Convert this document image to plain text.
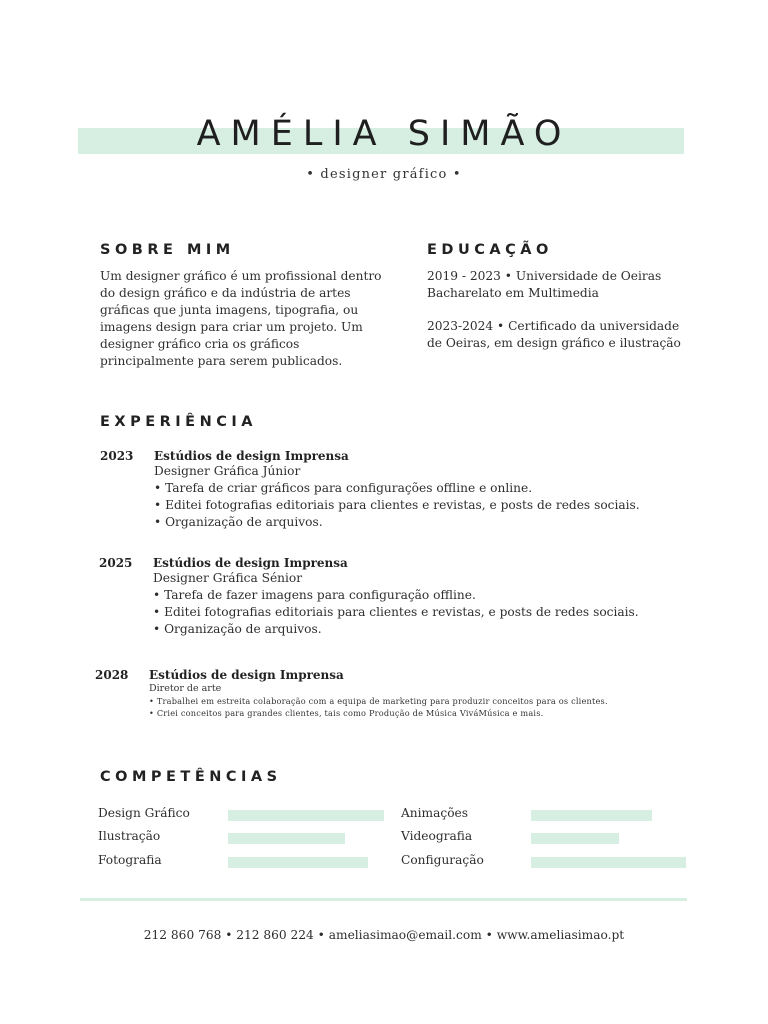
AMÉLIA SIMÃO
• designer gráfico •
SOBRE MIM
Um designer gráfico é um profissional dentro
do design gráfico e da indústria de artes
gráficas que junta imagens, tipografia, ou
imagens design para criar um projeto. Um
designer gráfico cria os gráficos
principalmente para serem publicados.
EDUCAÇÃO
2019 - 2023 • Universidade de Oeiras
Bacharelato em Multimedia
2023-2024 • Certificado da universidade
de Oeiras, em design gráfico e ilustração
EXPERIÊNCIA
2023 Estúdios de design Imprensa
Designer Gráfica Júnior
• Tarefa de criar gráficos para configurações offline e online.
• Editei fotografias editoriais para clientes e revistas, e posts de redes sociais.
• Organização de arquivos.
2025 Estúdios de design Imprensa
Designer Gráfica Sénior
• Tarefa de fazer imagens para configuração offline.
• Editei fotografias editoriais para clientes e revistas, e posts de redes sociais.
• Organização de arquivos.
2028 Estúdios de design Imprensa
Diretor de arte
• Trabalhei em estreita colaboração com a equipa de marketing para produzir conceitos para os clientes.
• Criei conceitos para grandes clientes, tais como Produção de Música ViváMúsica e mais.
COMPETÊNCIAS
Design Gráfico
Ilustração
Fotografia
Animações
Videografia
Configuração
212 860 768 • 212 860 224 • ameliasimao@email.com • www.ameliasimao.pt
